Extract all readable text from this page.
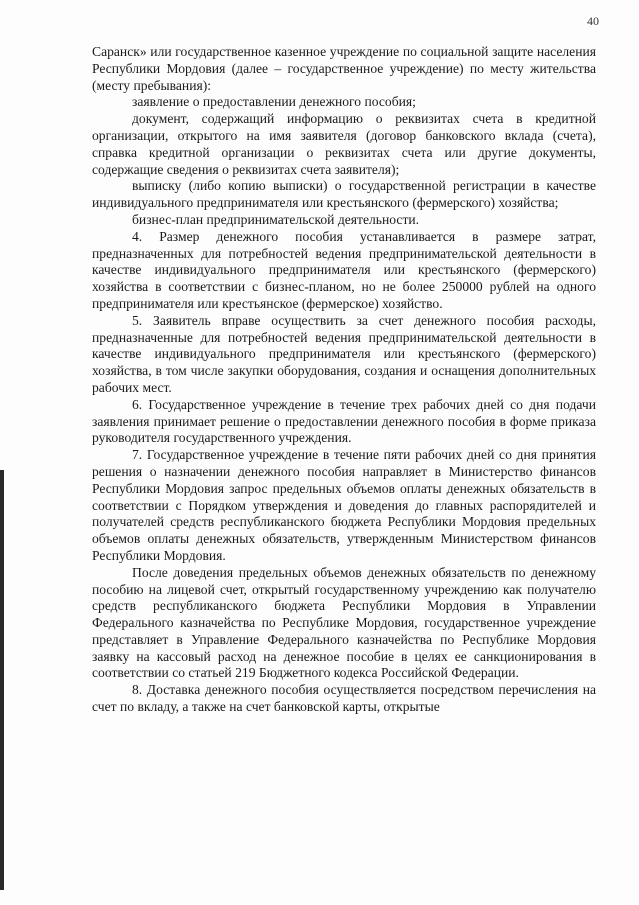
40

Саранск» или государственное казенное учреждение по социальной защите населения Республики Мордовия (далее – государственное учреждение) по месту жительства (месту пребывания):

заявление о предоставлении денежного пособия;

документ, содержащий информацию о реквизитах счета в кредитной организации, открытого на имя заявителя (договор банковского вклада (счета), справка кредитной организации о реквизитах счета или другие документы, содержащие сведения о реквизитах счета заявителя);

выписку (либо копию выписки) о государственной регистрации в качестве индивидуального предпринимателя или крестьянского (фермерского) хозяйства;

бизнес-план предпринимательской деятельности.

4. Размер денежного пособия устанавливается в размере затрат, предназначенных для потребностей ведения предпринимательской деятельности в качестве индивидуального предпринимателя или крестьянского (фермерского) хозяйства в соответствии с бизнес-планом, но не более 250000 рублей на одного предпринимателя или крестьянское (фермерское) хозяйство.

5. Заявитель вправе осуществить за счет денежного пособия расходы, предназначенные для потребностей ведения предпринимательской деятельности в качестве индивидуального предпринимателя или крестьянского (фермерского) хозяйства, в том числе закупки оборудования, создания и оснащения дополнительных рабочих мест.

6. Государственное учреждение в течение трех рабочих дней со дня подачи заявления принимает решение о предоставлении денежного пособия в форме приказа руководителя государственного учреждения.

7. Государственное учреждение в течение пяти рабочих дней со дня принятия решения о назначении денежного пособия направляет в Министерство финансов Республики Мордовия запрос предельных объемов оплаты денежных обязательств в соответствии с Порядком утверждения и доведения до главных распорядителей и получателей средств республиканского бюджета Республики Мордовия предельных объемов оплаты денежных обязательств, утвержденным Министерством финансов Республики Мордовия.

После доведения предельных объемов денежных обязательств по денежному пособию на лицевой счет, открытый государственному учреждению как получателю средств республиканского бюджета Республики Мордовия в Управлении Федерального казначейства по Республике Мордовия, государственное учреждение представляет в Управление Федерального казначейства по Республике Мордовия заявку на кассовый расход на денежное пособие в целях ее санкционирования в соответствии со статьей 219 Бюджетного кодекса Российской Федерации.

8. Доставка денежного пособия осуществляется посредством перечисления на счет по вкладу, а также на счет банковской карты, открытые
